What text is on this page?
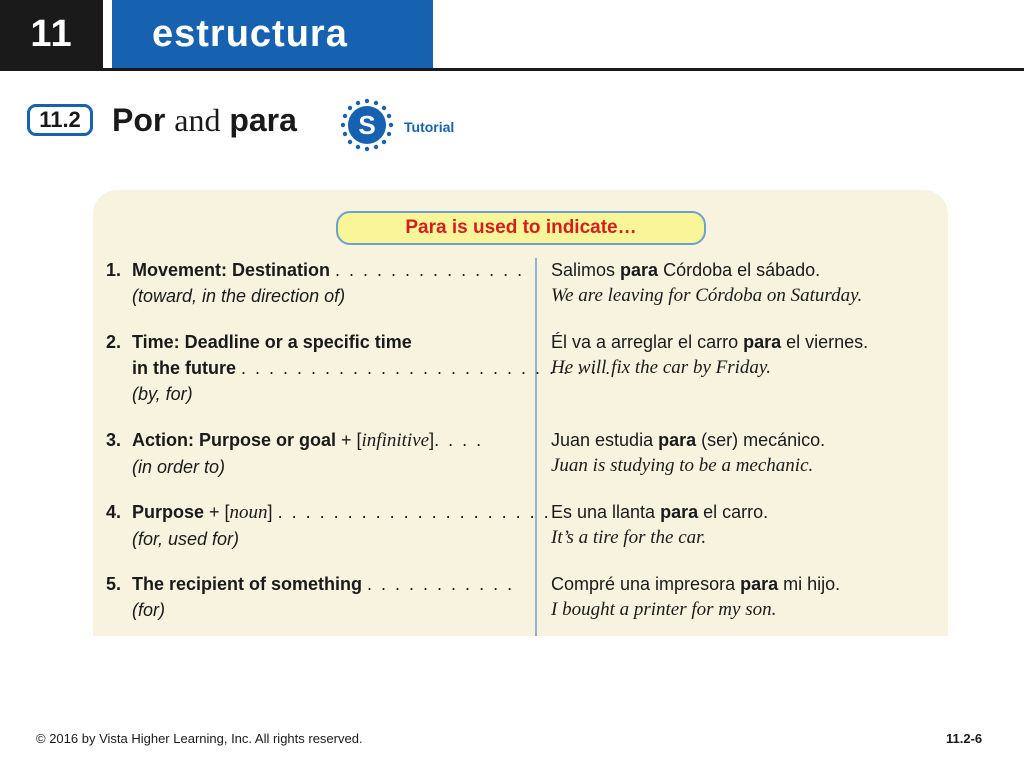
11	estructura
11.2 Por and para S Tutorial
Para is used to indicate…
1. Movement: Destination . . . . . . . . . . . . . .
(toward, in the direction of)
Salimos para Córdoba el sábado.
We are leaving for Córdoba on Saturday.
2. Time: Deadline or a specific time
in the future . . . . . . . . . . . . . . . . . . . . . . . . . . .
(by, for)
Él va a arreglar el carro para el viernes.
He will fix the car by Friday.
3. Action: Purpose or goal + [infinitive]. . . .
(in order to)
Juan estudia para (ser) mecánico.
Juan is studying to be a mechanic.
4. Purpose + [noun] . . . . . . . . . . . . . . . . . . . .
(for, used for)
Es una llanta para el carro.
It’s a tire for the car.
5. The recipient of something . . . . . . . . . . .
(for)
Compré una impresora para mi hijo.
I bought a printer for my son.
© 2016 by Vista Higher Learning, Inc. All rights reserved.	11.2-6
